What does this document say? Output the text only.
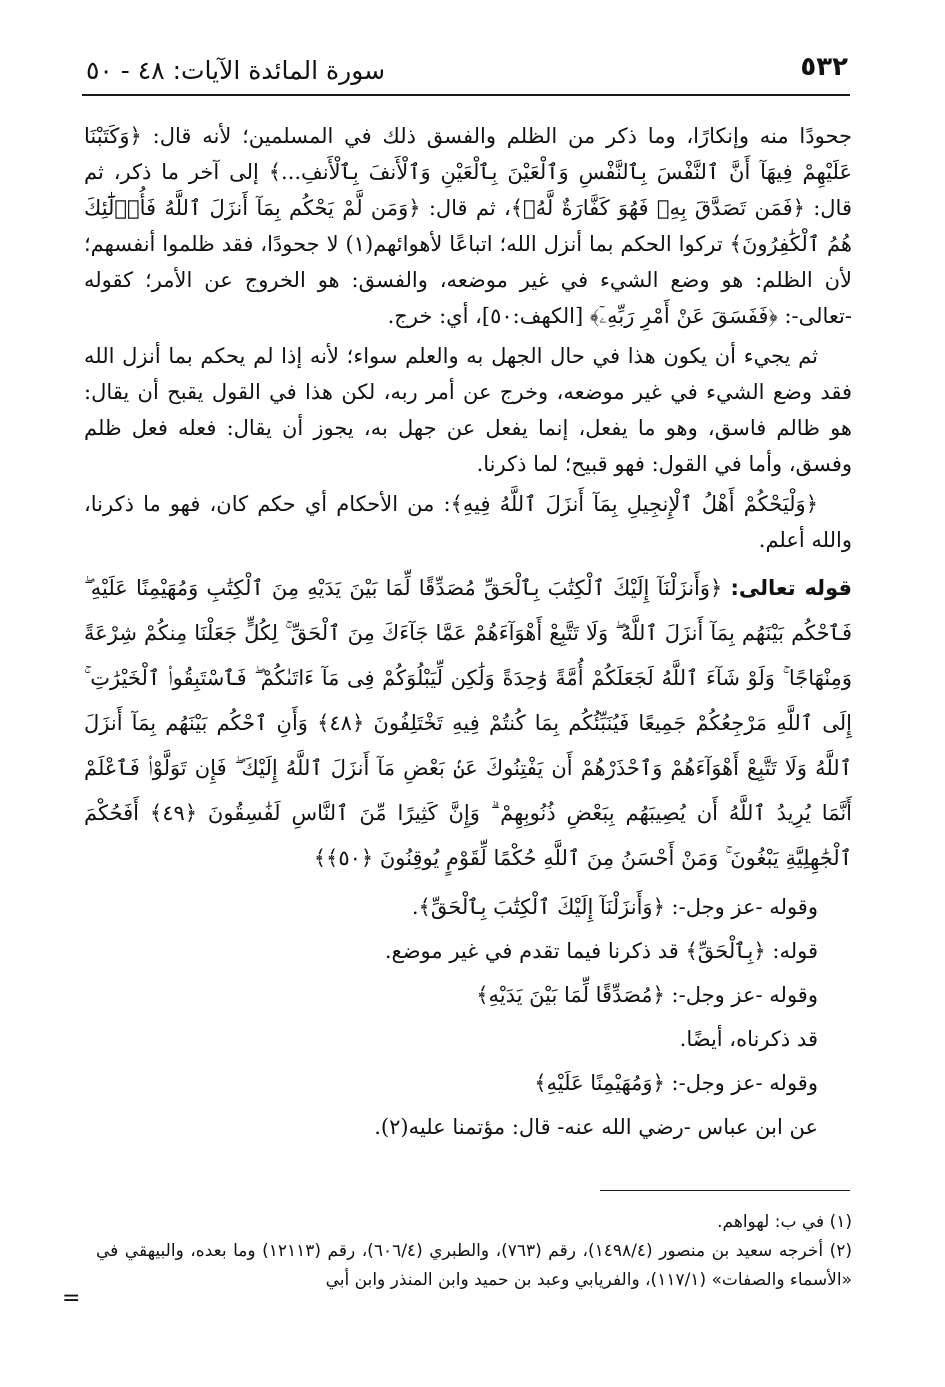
٥٣٢
سورة المائدة الآيات: ٤٨ - ٥٠

جحودًا منه وإنكارًا، وما ذكر من الظلم والفسق ذلك في المسلمين؛ لأنه قال: ﴿وَكَتَبْنَا عَلَيْهِمْ فِيهَآ أَنَّ ٱلنَّفْسَ بِٱلنَّفْسِ وَٱلْعَيْنَ بِٱلْعَيْنِ وَٱلْأَنفَ بِٱلْأَنفِ...﴾ إلى آخر ما ذكر، ثم قال: ﴿فَمَن تَصَدَّقَ بِهِۦ فَهُوَ كَفَّارَةٌ لَّهُۥ﴾، ثم قال: ﴿وَمَن لَّمْ يَحْكُم بِمَآ أَنزَلَ ٱللَّهُ فَأُو۟لَٰٓئِكَ هُمُ ٱلْكَٰفِرُونَ﴾ تركوا الحكم بما أنزل الله؛ اتباعًا لأهوائهم(١) لا جحودًا، فقد ظلموا أنفسهم؛ لأن الظلم: هو وضع الشيء في غير موضعه، والفسق: هو الخروج عن الأمر؛ كقوله -تعالى-: ﴿فَفَسَقَ عَنْ أَمْرِ رَبِّهِۦٓ﴾ [الكهف:٥٠]، أي: خرج.

ثم يجيء أن يكون هذا في حال الجهل به والعلم سواء؛ لأنه إذا لم يحكم بما أنزل الله فقد وضع الشيء في غير موضعه، وخرج عن أمر ربه، لكن هذا في القول يقبح أن يقال: هو ظالم فاسق، وهو ما يفعل، إنما يفعل عن جهل به، يجوز أن يقال: فعله فعل ظلم وفسق، وأما في القول: فهو قبيح؛ لما ذكرنا.

﴿وَلْيَحْكُمْ أَهْلُ ٱلْإِنجِيلِ بِمَآ أَنزَلَ ٱللَّهُ فِيهِ﴾: من الأحكام أي حكم كان، فهو ما ذكرنا، والله أعلم.

قوله تعالى: ﴿وَأَنزَلْنَآ إِلَيْكَ ٱلْكِتَٰبَ بِٱلْحَقِّ مُصَدِّقًا لِّمَا بَيْنَ يَدَيْهِ مِنَ ٱلْكِتَٰبِ وَمُهَيْمِنًا عَلَيْهِ ۖ فَٱحْكُم بَيْنَهُم بِمَآ أَنزَلَ ٱللَّهُ ۖ وَلَا تَتَّبِعْ أَهْوَآءَهُمْ عَمَّا جَآءَكَ مِنَ ٱلْحَقِّ ۚ لِكُلٍّ جَعَلْنَا مِنكُمْ شِرْعَةً وَمِنْهَاجًا ۚ وَلَوْ شَآءَ ٱللَّهُ لَجَعَلَكُمْ أُمَّةً وَٰحِدَةً وَلَٰكِن لِّيَبْلُوَكُمْ فِى مَآ ءَاتَىٰكُمْ ۖ فَٱسْتَبِقُوا۟ ٱلْخَيْرَٰتِ ۚ إِلَى ٱللَّهِ مَرْجِعُكُمْ جَمِيعًا فَيُنَبِّئُكُم بِمَا كُنتُمْ فِيهِ تَخْتَلِفُونَ ﴿٤٨﴾ وَأَنِ ٱحْكُم بَيْنَهُم بِمَآ أَنزَلَ ٱللَّهُ وَلَا تَتَّبِعْ أَهْوَآءَهُمْ وَٱحْذَرْهُمْ أَن يَفْتِنُوكَ عَنۢ بَعْضِ مَآ أَنزَلَ ٱللَّهُ إِلَيْكَ ۖ فَإِن تَوَلَّوْا۟ فَٱعْلَمْ أَنَّمَا يُرِيدُ ٱللَّهُ أَن يُصِيبَهُم بِبَعْضِ ذُنُوبِهِمْ ۗ وَإِنَّ كَثِيرًا مِّنَ ٱلنَّاسِ لَفَٰسِقُونَ ﴿٤٩﴾ أَفَحُكْمَ ٱلْجَٰهِلِيَّةِ يَبْغُونَ ۚ وَمَنْ أَحْسَنُ مِنَ ٱللَّهِ حُكْمًا لِّقَوْمٍ يُوقِنُونَ ﴿٥٠﴾﴾

وقوله -عز وجل-: ﴿وَأَنزَلْنَآ إِلَيْكَ ٱلْكِتَٰبَ بِٱلْحَقِّ﴾.
قوله: ﴿بِٱلْحَقِّ﴾ قد ذكرنا فيما تقدم في غير موضع.
وقوله -عز وجل-: ﴿مُصَدِّقًا لِّمَا بَيْنَ يَدَيْهِ﴾
قد ذكرناه، أيضًا.
وقوله -عز وجل-: ﴿وَمُهَيْمِنًا عَلَيْهِ﴾
عن ابن عباس -رضي الله عنه- قال: مؤتمنا عليه(٢).

(١) في ب: لهواهم.

(٢) أخرجه سعيد بن منصور (١٤٩٨/٤)، رقم (٧٦٣)، والطبري (٦٠٦/٤)، رقم (١٢١١٣) وما بعده، والبيهقي في «الأسماء والصفات» (١١٧/١)، والفريابي وعبد بن حميد وابن المنذر وابن أبي

=
